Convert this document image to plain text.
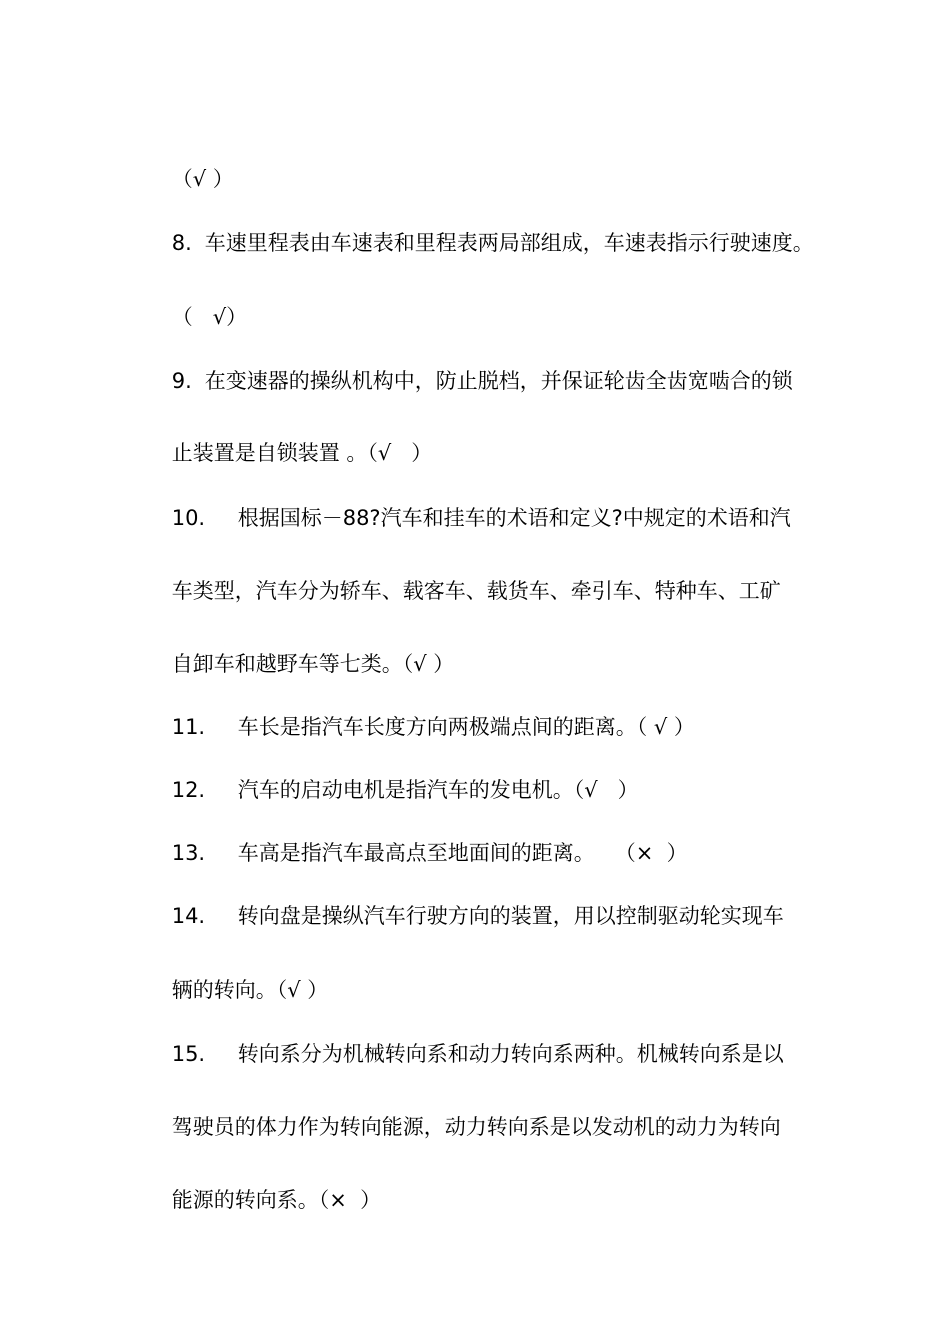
（√ ）

8. 车速里程表由车速表和里程表两局部组成，车速表指示行驶速度。

（   √）

9. 在变速器的操纵机构中，防止脱档，并保证轮齿全齿宽啮合的锁

止装置是自锁装置 。（√   ）

10. 根据国标－88?汽车和挂车的术语和定义?中规定的术语和汽

车类型，汽车分为轿车、载客车、载货车、牵引车、特种车、工矿

自卸车和越野车等七类。（√ ）

11. 车长是指汽车长度方向两极端点间的距离。（ √ ）

12. 汽车的启动电机是指汽车的发电机。（√   ）

13. 车高是指汽车最高点至地面间的距离。   （×  ）

14. 转向盘是操纵汽车行驶方向的装置，用以控制驱动轮实现车

辆的转向。（√ ）

15. 转向系分为机械转向系和动力转向系两种。机械转向系是以

驾驶员的体力作为转向能源，动力转向系是以发动机的动力为转向

能源的转向系。（×  ）
